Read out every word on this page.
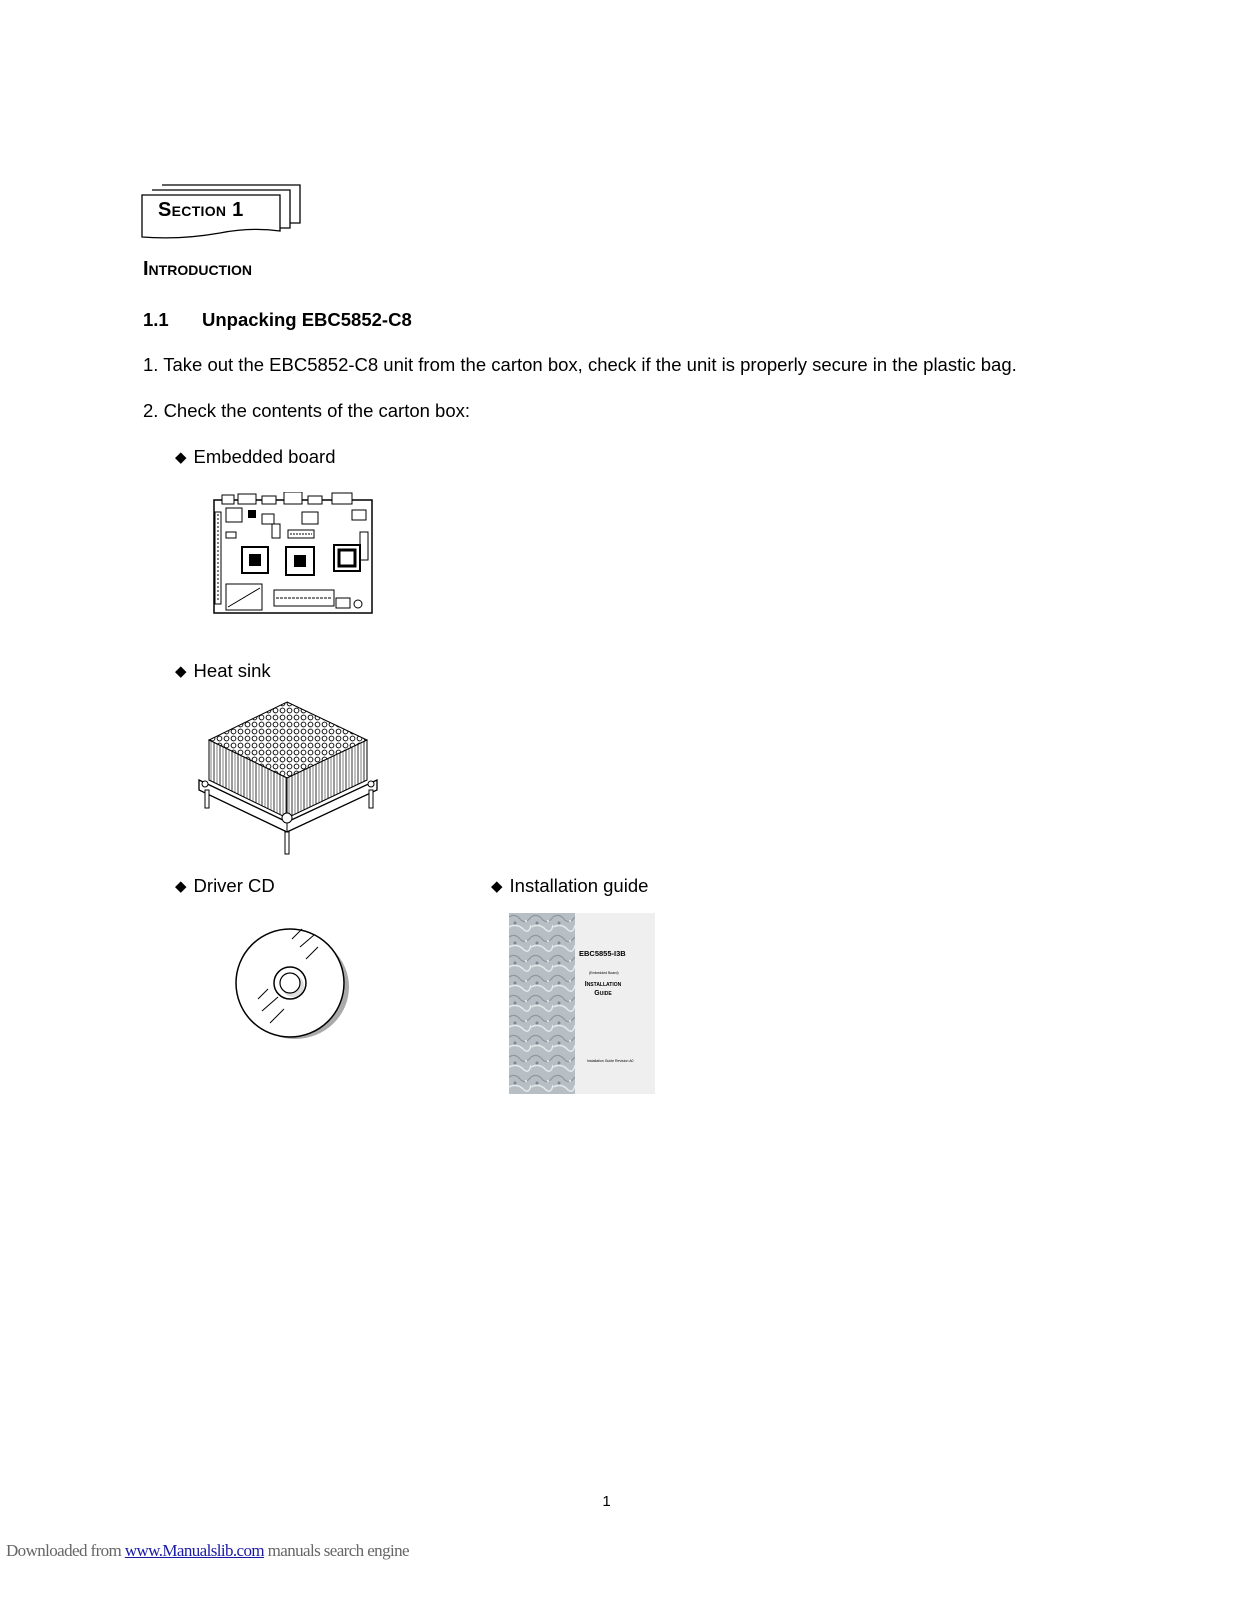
Section 1
Introduction
1.1 Unpacking EBC5852-C8
1. Take out the EBC5852-C8 unit from the carton box, check if the unit is properly secure in the plastic bag.
2. Check the contents of the carton box:
◆ Embedded board
◆ Heat sink
◆ Driver CD	◆ Installation guide
EBC5855-I3B
(Embedded Board)
Installation
Guide
Installation Guide Revision A0
1
Downloaded from www.Manualslib.com manuals search engine
